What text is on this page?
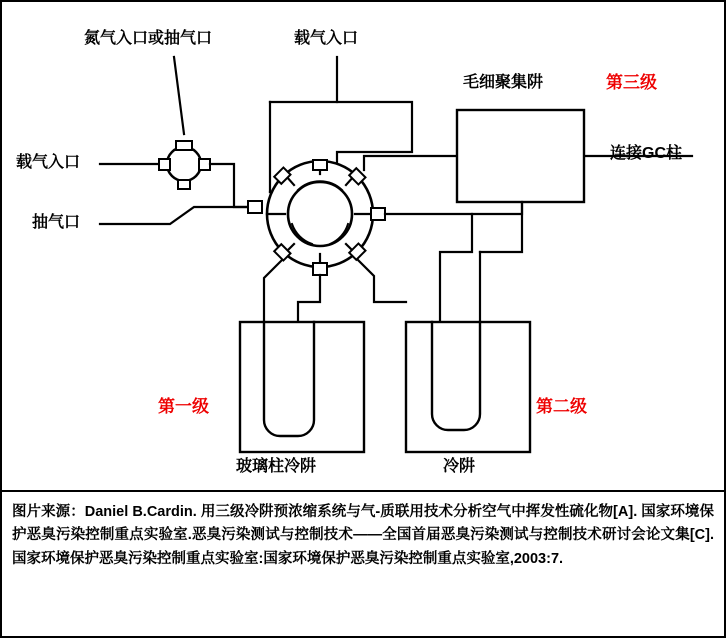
氮气入口或抽气口	载气入口
载气入口
抽气口
毛细聚集阱	第三级
连接GC柱
第一级	第二级
玻璃柱冷阱	冷阱

图片来源：Daniel B.Cardin. 用三级冷阱预浓缩系统与气-质联用技术分析空气中挥发性硫化物[A]. 国家环境保护恶臭污染控制重点实验室.恶臭污染测试与控制技术——全国首届恶臭污染测试与控制技术研讨会论文集[C].国家环境保护恶臭污染控制重点实验室:国家环境保护恶臭污染控制重点实验室,2003:7.
